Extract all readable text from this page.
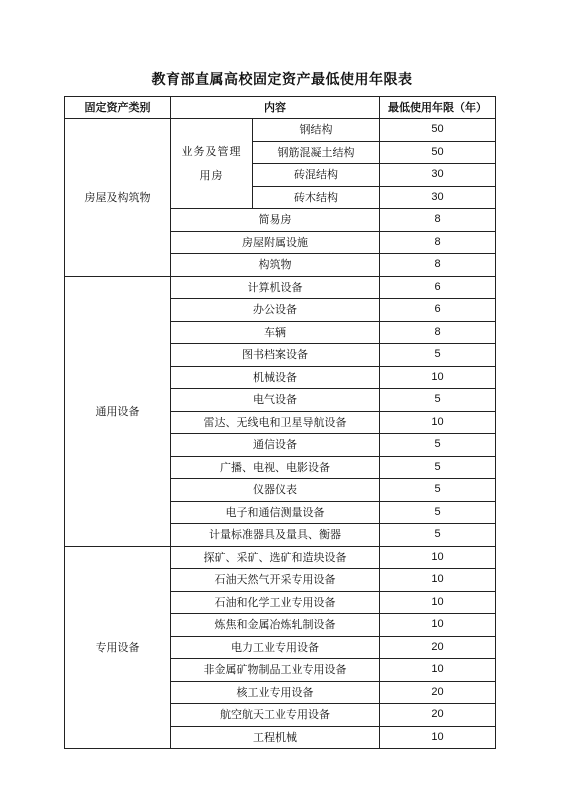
教育部直属高校固定资产最低使用年限表
固定资产类别	内容		最低使用年限（年）
房屋及构筑物	业务及管理用房	钢结构	50
		钢筋混凝土结构	50
		砖混结构	30
		砖木结构	30
	简易房		8
	房屋附属设施		8
	构筑物		8
通用设备	计算机设备		6
	办公设备		6
	车辆		8
	图书档案设备		5
	机械设备		10
	电气设备		5
	雷达、无线电和卫星导航设备		10
	通信设备		5
	广播、电视、电影设备		5
	仪器仪表		5
	电子和通信测量设备		5
	计量标准器具及量具、衡器		5
专用设备	探矿、采矿、选矿和造块设备		10
	石油天然气开采专用设备		10
	石油和化学工业专用设备		10
	炼焦和金属冶炼轧制设备		10
	电力工业专用设备		20
	非金属矿物制品工业专用设备		10
	核工业专用设备		20
	航空航天工业专用设备		20
	工程机械		10
